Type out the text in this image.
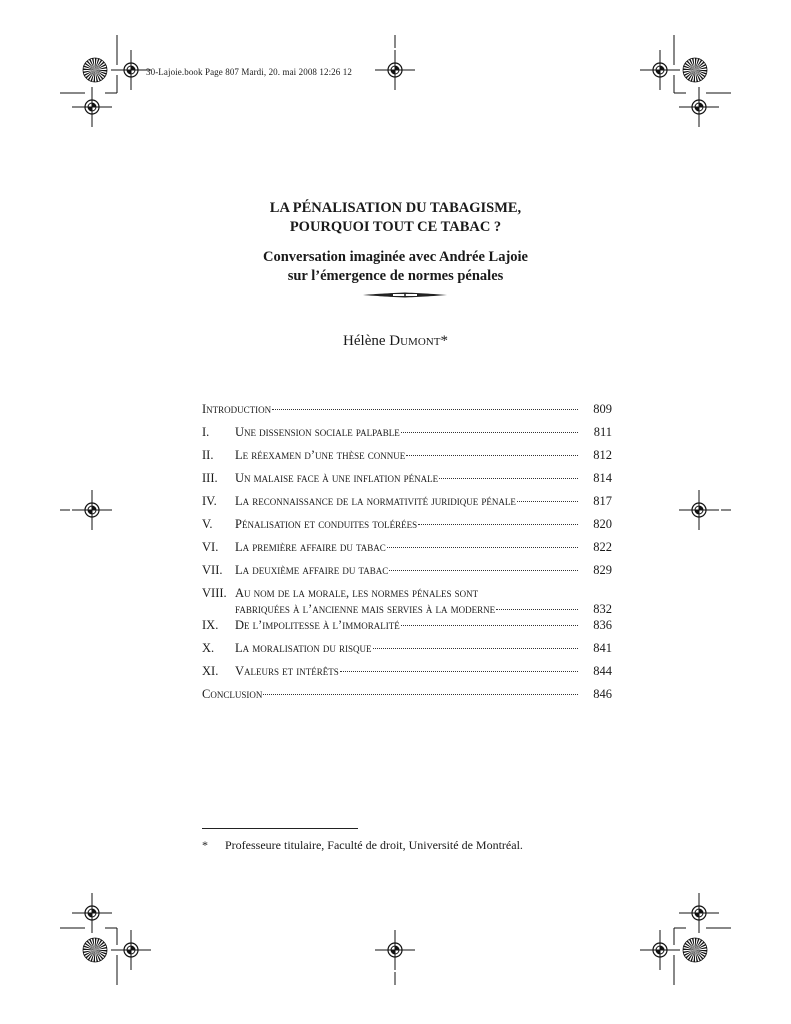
30-Lajoie.book Page 807 Mardi, 20. mai 2008 12:26 12
LA PÉNALISATION DU TABAGISME,
POURQUOI TOUT CE TABAC ?
Conversation imaginée avec Andrée Lajoie
sur l’émergence de normes pénales
Hélène Dumont*
Introduction	809
I.	Une dissension sociale palpable	811
II.	Le réexamen d’une thèse connue	812
III.	Un malaise face à une inflation pénale	814
IV.	La reconnaissance de la normativité juridique pénale	817
V.	Pénalisation et conduites tolérées	820
VI.	La première affaire du tabac	822
VII.	La deuxième affaire du tabac	829
VIII. Au nom de la morale, les normes pénales sont
fabriquées à l’ancienne mais servies à la moderne	832
IX.	De l’impolitesse à l’immoralité	836
X.	La moralisation du risque	841
XI.	Valeurs et intérêts	844
Conclusion	846
* Professeure titulaire, Faculté de droit, Université de Montréal.
